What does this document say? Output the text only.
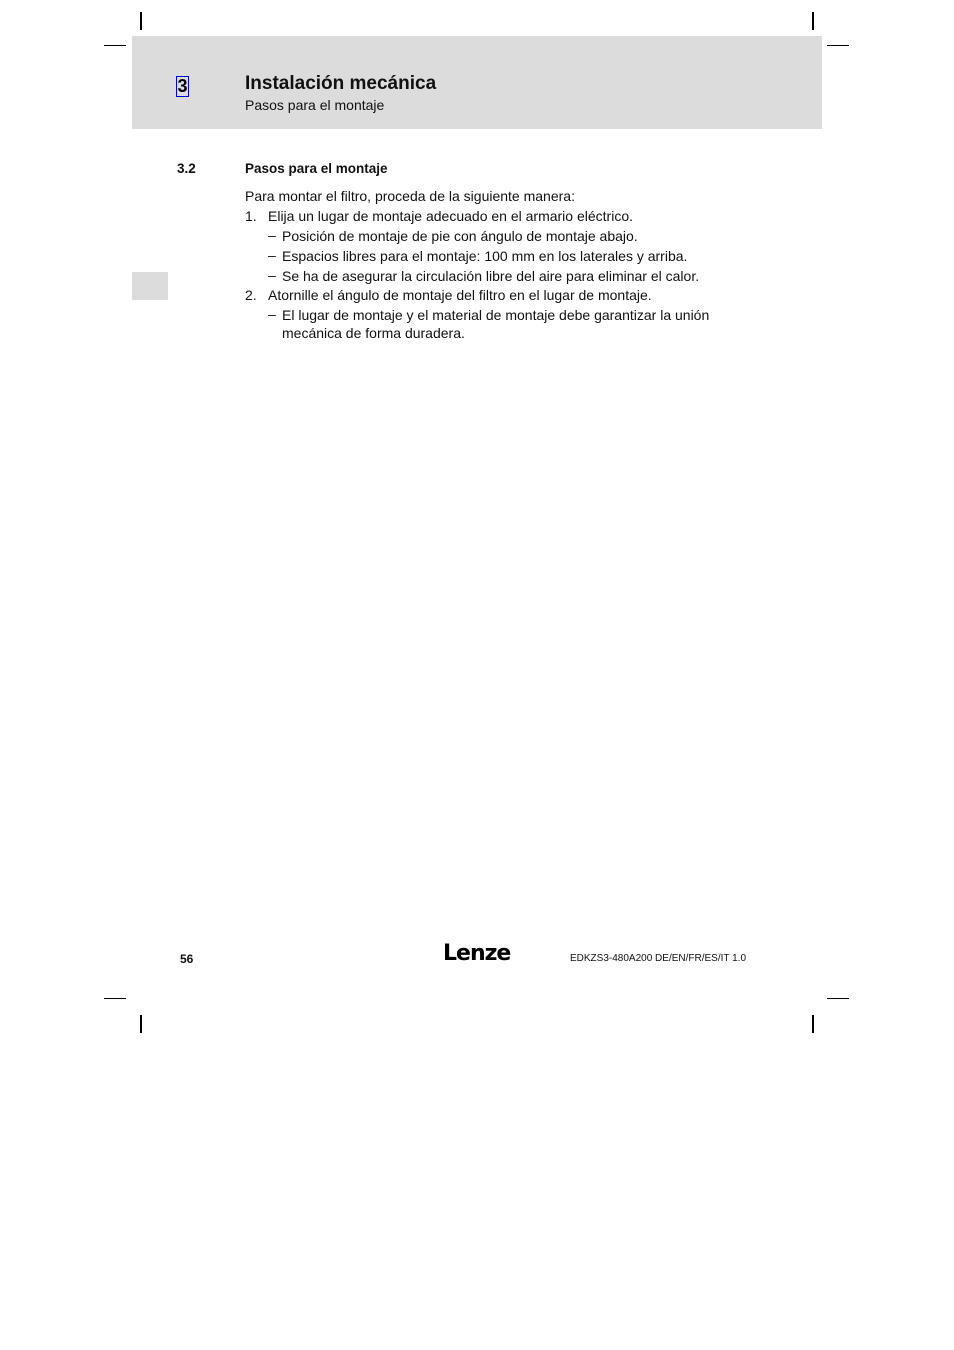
3	Instalación mecánica
Pasos para el montaje
3.2	Pasos para el montaje
Para montar el filtro, proceda de la siguiente manera:
1. Elija un lugar de montaje adecuado en el armario eléctrico.
– Posición de montaje de pie con ángulo de montaje abajo.
– Espacios libres para el montaje: 100 mm en los laterales y arriba.
– Se ha de asegurar la circulación libre del aire para eliminar el calor.
2. Atornille el ángulo de montaje del filtro en el lugar de montaje.
– El lugar de montaje y el material de montaje debe garantizar la unión
mecánica de forma duradera.
56	Lenze	EDKZS3-480A200 DE/EN/FR/ES/IT 1.0
